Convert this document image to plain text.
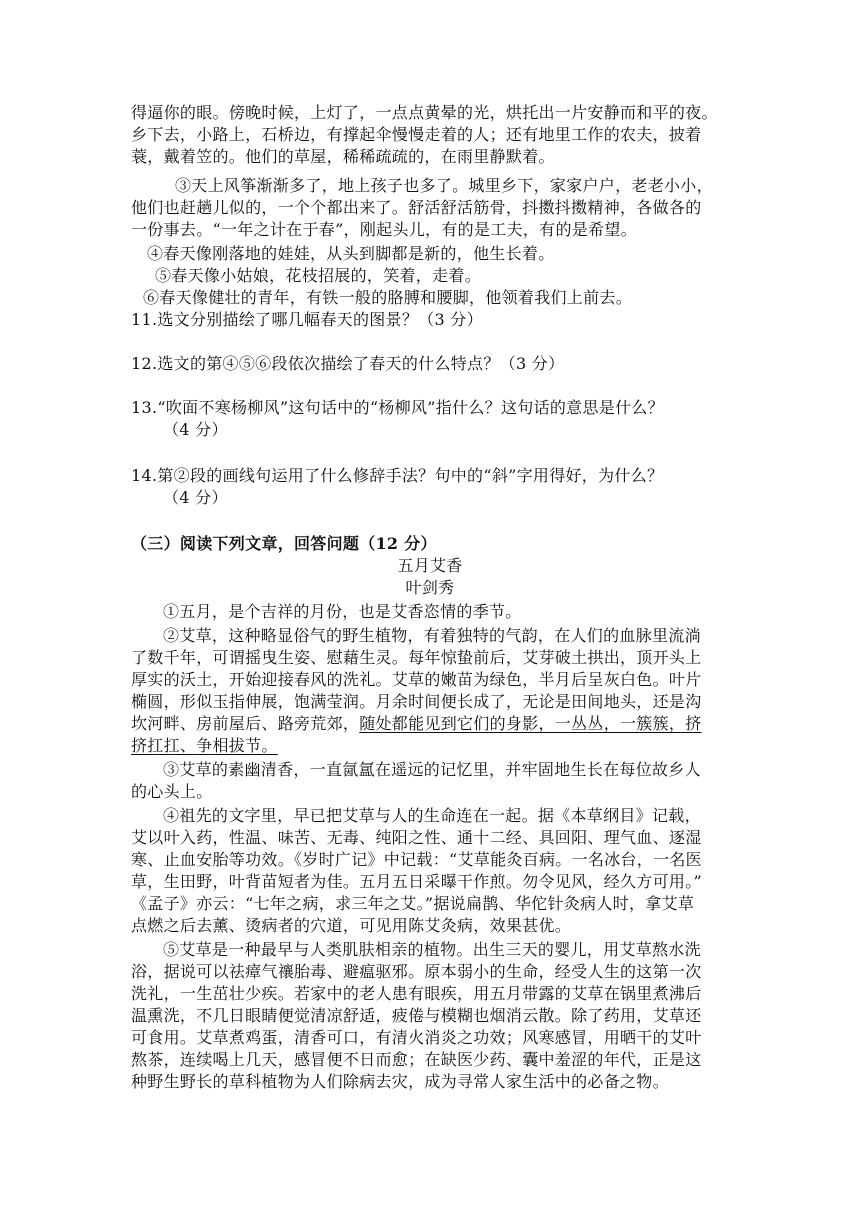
得逼你的眼。傍晚时候，上灯了，一点点黄晕的光，烘托出一片安静而和平的夜。
乡下去，小路上，石桥边，有撑起伞慢慢走着的人；还有地里工作的农夫，披着
蓑，戴着笠的。他们的草屋，稀稀疏疏的，在雨里静默着。
③天上风筝渐渐多了，地上孩子也多了。城里乡下，家家户户，老老小小，
他们也赶趟儿似的，一个个都出来了。舒活舒活筋骨，抖擞抖擞精神，各做各的
一份事去。“一年之计在于春”，刚起头儿，有的是工夫，有的是希望。
④春天像刚落地的娃娃，从头到脚都是新的，他生长着。
⑤春天像小姑娘，花枝招展的，笑着，走着。
⑥春天像健壮的青年，有铁一般的胳膊和腰脚，他领着我们上前去。
11.选文分别描绘了哪几幅春天的图景？（3 分）
12.选文的第④⑤⑥段依次描绘了春天的什么特点？（3 分）
13.“吹面不寒杨柳风”这句话中的“杨柳风”指什么？这句话的意思是什么？
（4 分）
14.第②段的画线句运用了什么修辞手法？句中的“斜”字用得好，为什么？
（4 分）
（三）阅读下列文章，回答问题（12 分）
五月艾香
叶剑秀
①五月，是个吉祥的月份，也是艾香恣情的季节。
②艾草，这种略显俗气的野生植物，有着独特的气韵，在人们的血脉里流淌
了数千年，可谓摇曳生姿、慰藉生灵。每年惊蛰前后，艾芽破土拱出，顶开头上
厚实的沃土，开始迎接春风的洗礼。艾草的嫩苗为绿色，半月后呈灰白色。叶片
椭圆，形似玉指伸展，饱满莹润。月余时间便长成了，无论是田间地头，还是沟
坎河畔、房前屋后、路旁荒郊，随处都能见到它们的身影，一丛丛，一簇簇，挤
挤扛扛、争相拔节。
③艾草的素幽清香，一直氤氲在遥远的记忆里，并牢固地生长在每位故乡人
的心头上。
④祖先的文字里，早已把艾草与人的生命连在一起。据《本草纲目》记载，
艾以叶入药，性温、味苦、无毒、纯阳之性、通十二经、具回阳、理气血、逐湿
寒、止血安胎等功效。《岁时广记》中记载：“艾草能灸百病。一名冰台，一名医
草，生田野，叶背苗短者为佳。五月五日采曝干作煎。勿令见风，经久方可用。”
《孟子》亦云：“七年之病，求三年之艾。”据说扁鹊、华佗针灸病人时，拿艾草
点燃之后去薰、烫病者的穴道，可见用陈艾灸病，效果甚优。
⑤艾草是一种最早与人类肌肤相亲的植物。出生三天的婴儿，用艾草熬水洗
浴，据说可以祛瘴气禳胎毒、避瘟驱邪。原本弱小的生命，经受人生的这第一次
洗礼，一生茁壮少疾。若家中的老人患有眼疾，用五月带露的艾草在锅里煮沸后
温熏洗，不几日眼睛便觉清凉舒适，疲倦与模糊也烟消云散。除了药用，艾草还
可食用。艾草煮鸡蛋，清香可口，有清火消炎之功效；风寒感冒，用晒干的艾叶
熬茶，连续喝上几天，感冒便不日而愈；在缺医少药、囊中羞涩的年代，正是这
种野生野长的草科植物为人们除病去灾，成为寻常人家生活中的必备之物。
